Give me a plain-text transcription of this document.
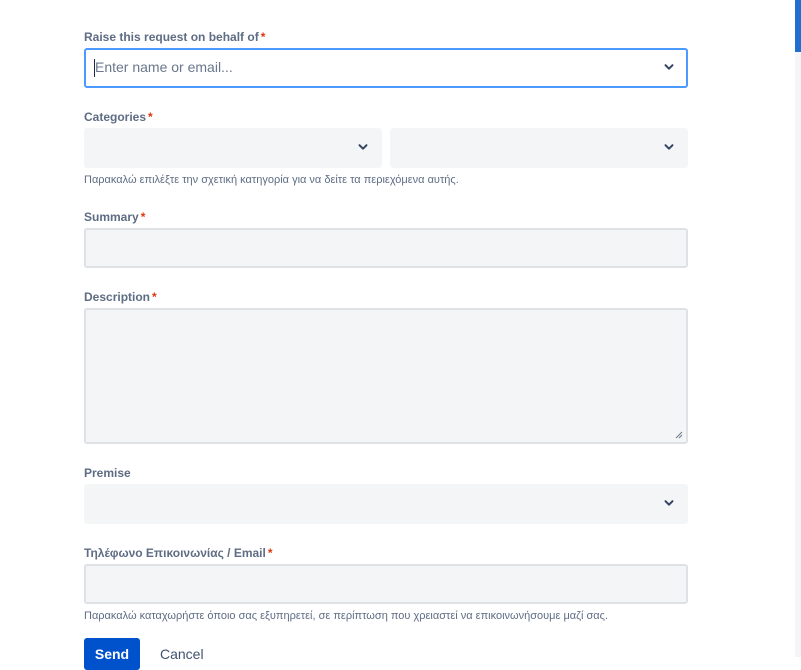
Raise this request on behalf of *
Enter name or email...
Categories *
Παρακαλώ επιλέξτε την σχετική κατηγορία για να δείτε τα περιεχόμενα αυτής.
Summary *
Description *
Premise
Τηλέφωνο Επικοινωνίας / Email *
Παρακαλώ καταχωρήστε όποιο σας εξυπηρετεί, σε περίπτωση που χρειαστεί να επικοινωνήσουμε μαζί σας.
Send	Cancel
